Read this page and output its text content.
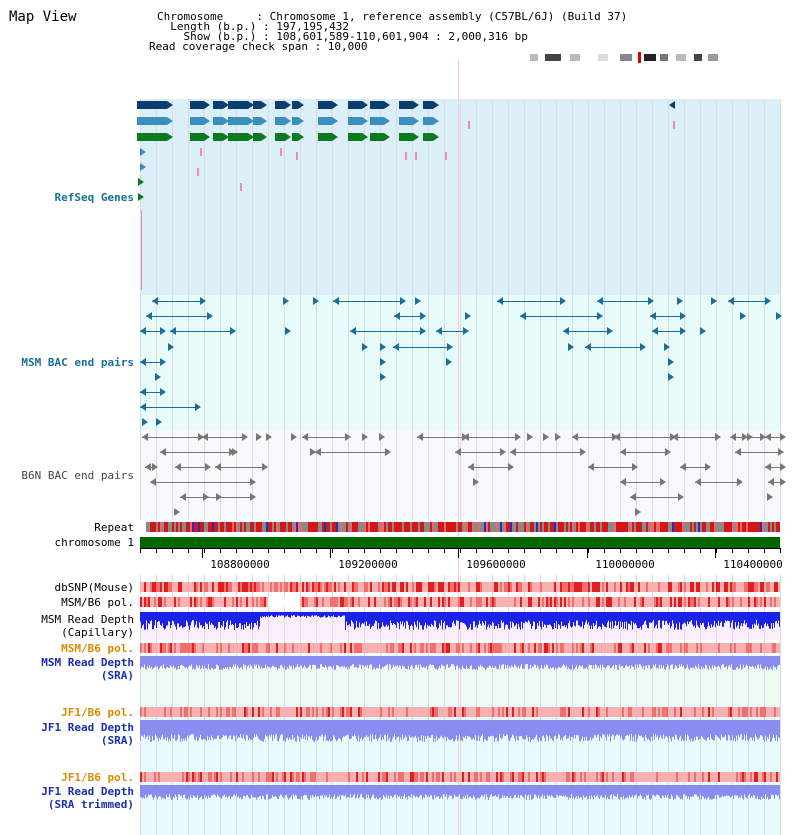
Map View	Chromosome     : Chromosome 1, reference assembly (C57BL/6J) (Build 37)
Length (b.p.) : 197,195,432
Show (b.p.) : 108,601,589-110,601,904 : 2,000,316 bp
Read coverage check span : 10,000
RefSeq Genes
MSM BAC end pairs
B6N BAC end pairs
Repeat
chromosome 1
dbSNP(Mouse)
MSM/B6 pol.
MSM Read Depth
(Capillary)
MSM/B6 pol.
MSM Read Depth
(SRA)
JF1/B6 pol.
JF1 Read Depth
(SRA)
JF1/B6 pol.
JF1 Read Depth
(SRA trimmed)
108800000	109200000	109600000	110000000	110400000
